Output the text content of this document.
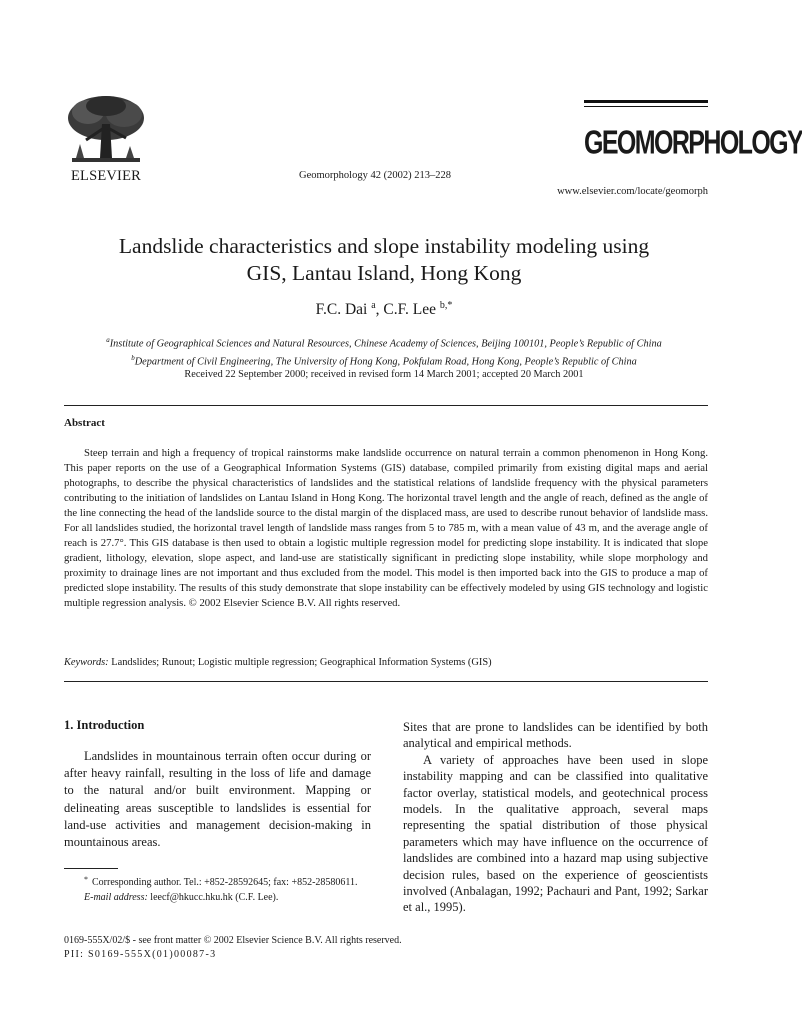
ELSEVIER	Geomorphology 42 (2002) 213–228
GEOMORPHOLOGY
www.elsevier.com/locate/geomorph
Landslide characteristics and slope instability modeling using
GIS, Lantau Island, Hong Kong
F.C. Dai $^a$, C.F. Lee $^{b,*}$
$^a$Institute of Geographical Sciences and Natural Resources, Chinese Academy of Sciences, Beijing 100101, People’s Republic of China
$^b$Department of Civil Engineering, The University of Hong Kong, Pokfulam Road, Hong Kong, People’s Republic of China
Received 22 September 2000; received in revised form 14 March 2001; accepted 20 March 2001
Abstract
Steep terrain and high a frequency of tropical rainstorms make landslide occurrence on natural terrain a common phenomenon in Hong Kong. This paper reports on the use of a Geographical Information Systems (GIS) database, compiled primarily from existing digital maps and aerial photographs, to describe the physical characteristics of landslides and the statistical relations of landslide frequency with the physical parameters contributing to the initiation of landslides on Lantau Island in Hong Kong. The horizontal travel length and the angle of reach, defined as the angle of the line connecting the head of the landslide source to the distal margin of the displaced mass, are used to describe runout behavior of landslide mass. For all landslides studied, the horizontal travel length of landslide mass ranges from 5 to 785 m, with a mean value of 43 m, and the average angle of reach is 27.7°. This GIS database is then used to obtain a logistic multiple regression model for predicting slope instability. It is indicated that slope gradient, lithology, elevation, slope aspect, and land-use are statistically significant in predicting slope instability, while slope morphology and proximity to drainage lines are not important and thus excluded from the model. This model is then imported back into the GIS to produce a map of predicted slope instability. The results of this study demonstrate that slope instability can be effectively modeled by using GIS technology and logistic multiple regression analysis. © 2002 Elsevier Science B.V. All rights reserved.
Keywords: Landslides; Runout; Logistic multiple regression; Geographical Information Systems (GIS)
1. Introduction
Landslides in mountainous terrain often occur during or after heavy rainfall, resulting in the loss of life and damage to the natural and/or built environment. Mapping or delineating areas susceptible to landslides is essential for land-use activities and management decision-making in mountainous areas.

Sites that are prone to landslides can be identified by both analytical and empirical methods.

A variety of approaches have been used in slope instability mapping and can be classified into qualitative factor overlay, statistical models, and geotechnical process models. In the qualitative approach, several maps representing the spatial distribution of those physical parameters which may have influence on the occurrence of landslides are combined into a hazard map using subjective decision rules, based on the experience of geoscientists involved (Anbalagan, 1992; Pachauri and Pant, 1992; Sarkar et al., 1995).

* Corresponding author. Tel.: +852-28592645; fax: +852-28580611.
E-mail address: leecf@hkucc.hku.hk (C.F. Lee).
0169-555X/02/$ - see front matter © 2002 Elsevier Science B.V. All rights reserved.
PII: S0169-555X(01)00087-3
